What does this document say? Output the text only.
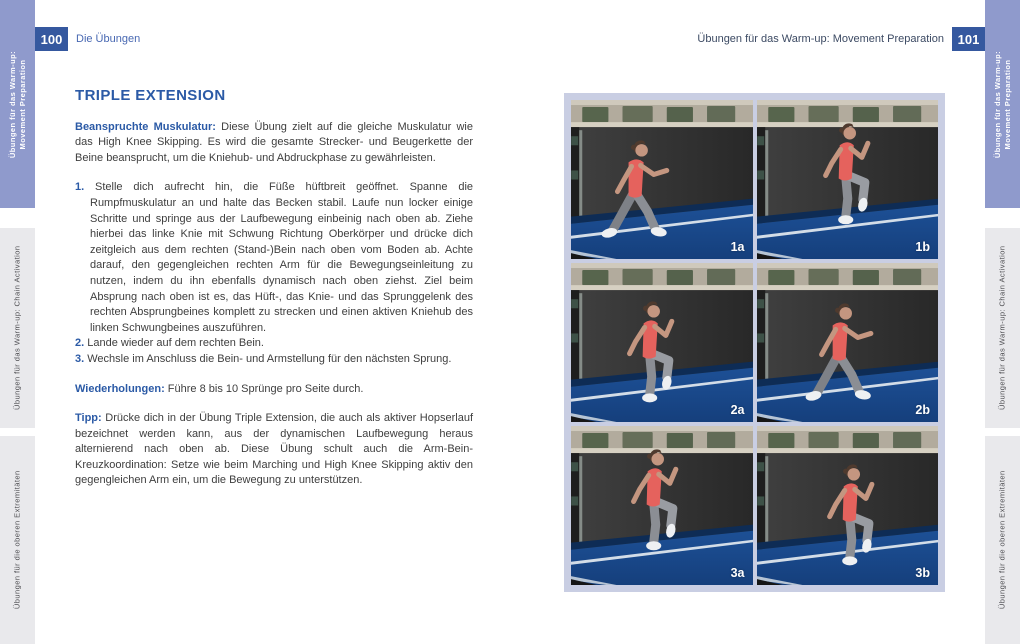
Übungen für das Warm-up: Movement Preparation
Übungen für das Warm-up: Chain Activation
Übungen für die oberen Extremitäten
Übungen für das Warm-up: Movement Preparation
Übungen für das Warm-up: Chain Activation
Übungen für die oberen Extremitäten
100	Die Übungen	Übungen für das Warm-up: Movement Preparation	101
TRIPLE EXTENSION

Beanspruchte Muskulatur: Diese Übung zielt auf die gleiche Muskulatur wie das High Knee Skipping. Es wird die gesamte Strecker- und Beugerkette der Beine beansprucht, um die Kniehub- und Abdruckphase zu gewährleisten.

1. Stelle dich aufrecht hin, die Füße hüftbreit geöffnet. Spanne die Rumpfmuskulatur an und halte das Becken stabil. Laufe nun locker einige Schritte und springe aus der Laufbewegung einbeinig nach oben ab. Ziehe hierbei das linke Knie mit Schwung Richtung Oberkörper und drücke dich zeitgleich aus dem rechten (Stand-)Bein nach oben vom Boden ab. Achte darauf, den gegengleichen rechten Arm für die Bewegungseinleitung zu nutzen, indem du ihn ebenfalls dynamisch nach oben ziehst. Ziel beim Absprung nach oben ist es, das Hüft-, das Knie- und das Sprunggelenk des rechten Absprungbeines komplett zu strecken und einen aktiven Kniehub des linken Schwungbeines auszuführen.
2. Lande wieder auf dem rechten Bein.
3. Wechsle im Anschluss die Bein- und Armstellung für den nächsten Sprung.

Wiederholungen: Führe 8 bis 10 Sprünge pro Seite durch.

Tipp: Drücke dich in der Übung Triple Extension, die auch als aktiver Hopserlauf bezeichnet werden kann, aus der dynamischen Laufbewegung heraus alternierend nach oben ab. Diese Übung schult auch die Arm-Bein-Kreuzkoordination: Setze wie beim Marching und High Knee Skipping aktiv den gegengleichen Arm ein, um die Bewegung zu unterstützen.

1a	1b
2a	2b
3a	3b
